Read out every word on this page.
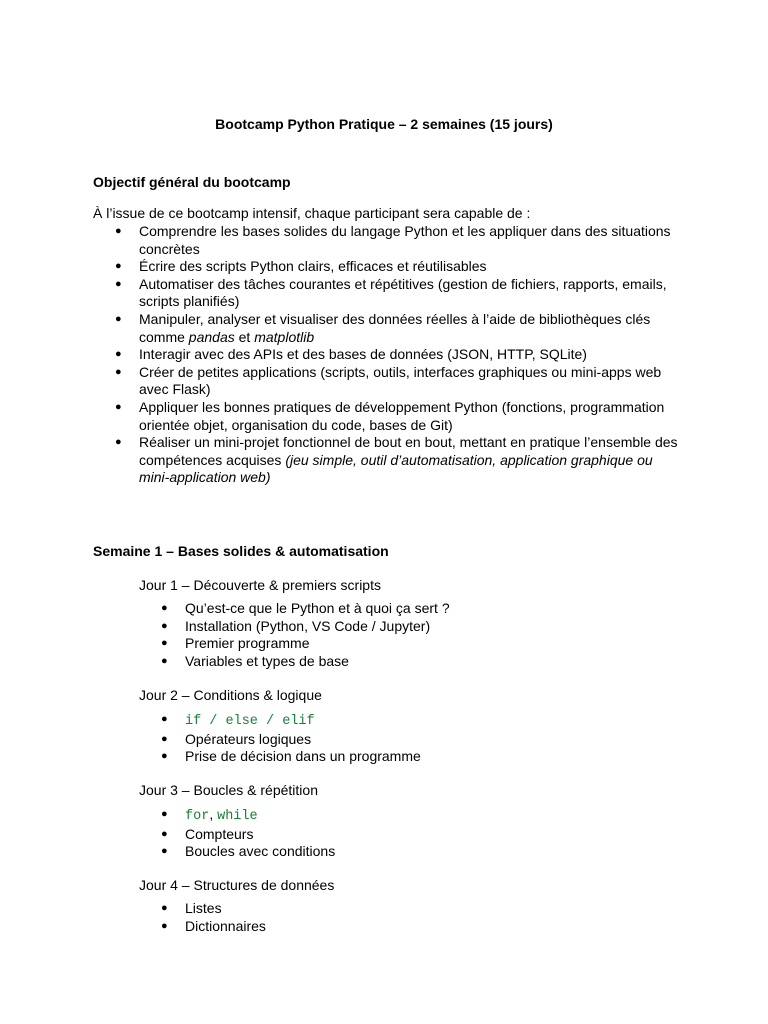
Bootcamp Python Pratique – 2 semaines (15 jours)
Objectif général du bootcamp
À l’issue de ce bootcamp intensif, chaque participant sera capable de :
● Comprendre les bases solides du langage Python et les appliquer dans des situations concrètes
● Écrire des scripts Python clairs, efficaces et réutilisables
● Automatiser des tâches courantes et répétitives (gestion de fichiers, rapports, emails, scripts planifiés)
● Manipuler, analyser et visualiser des données réelles à l’aide de bibliothèques clés comme pandas et matplotlib
● Interagir avec des APIs et des bases de données (JSON, HTTP, SQLite)
● Créer de petites applications (scripts, outils, interfaces graphiques ou mini-apps web avec Flask)
● Appliquer les bonnes pratiques de développement Python (fonctions, programmation orientée objet, organisation du code, bases de Git)
● Réaliser un mini-projet fonctionnel de bout en bout, mettant en pratique l’ensemble des compétences acquises (jeu simple, outil d’automatisation, application graphique ou mini-application web)
Semaine 1 – Bases solides & automatisation
Jour 1 – Découverte & premiers scripts
● Qu’est-ce que le Python et à quoi ça sert ?
● Installation (Python, VS Code / Jupyter)
● Premier programme
● Variables et types de base
Jour 2 – Conditions & logique
● if / else / elif
● Opérateurs logiques
● Prise de décision dans un programme
Jour 3 – Boucles & répétition
● for, while
● Compteurs
● Boucles avec conditions
Jour 4 – Structures de données
● Listes
● Dictionnaires
